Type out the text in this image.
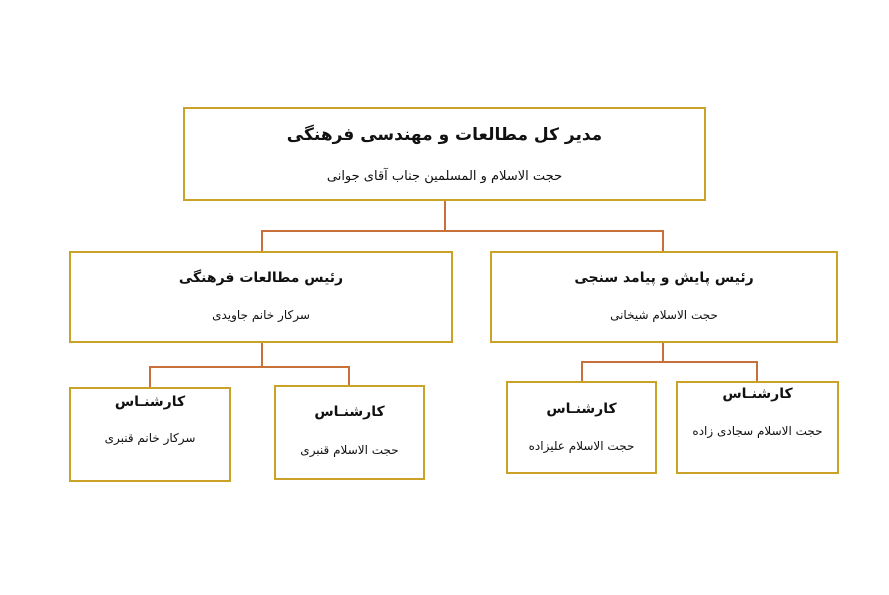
مدیر کل مطالعات و مهندسی فرهنگی
حجت الاسلام و المسلمین جناب آقای جوانی
رئیس مطالعات فرهنگی
سرکار خانم جاویدی
رئیس پایش و پیامد سنجی
حجت الاسلام شیخانی
کارشنـاس
سرکار خانم قنبری
کارشنـاس
حجت الاسلام قنبری
کارشنـاس
حجت الاسلام علیزاده
کارشنـاس
حجت الاسلام سجادی زاده
